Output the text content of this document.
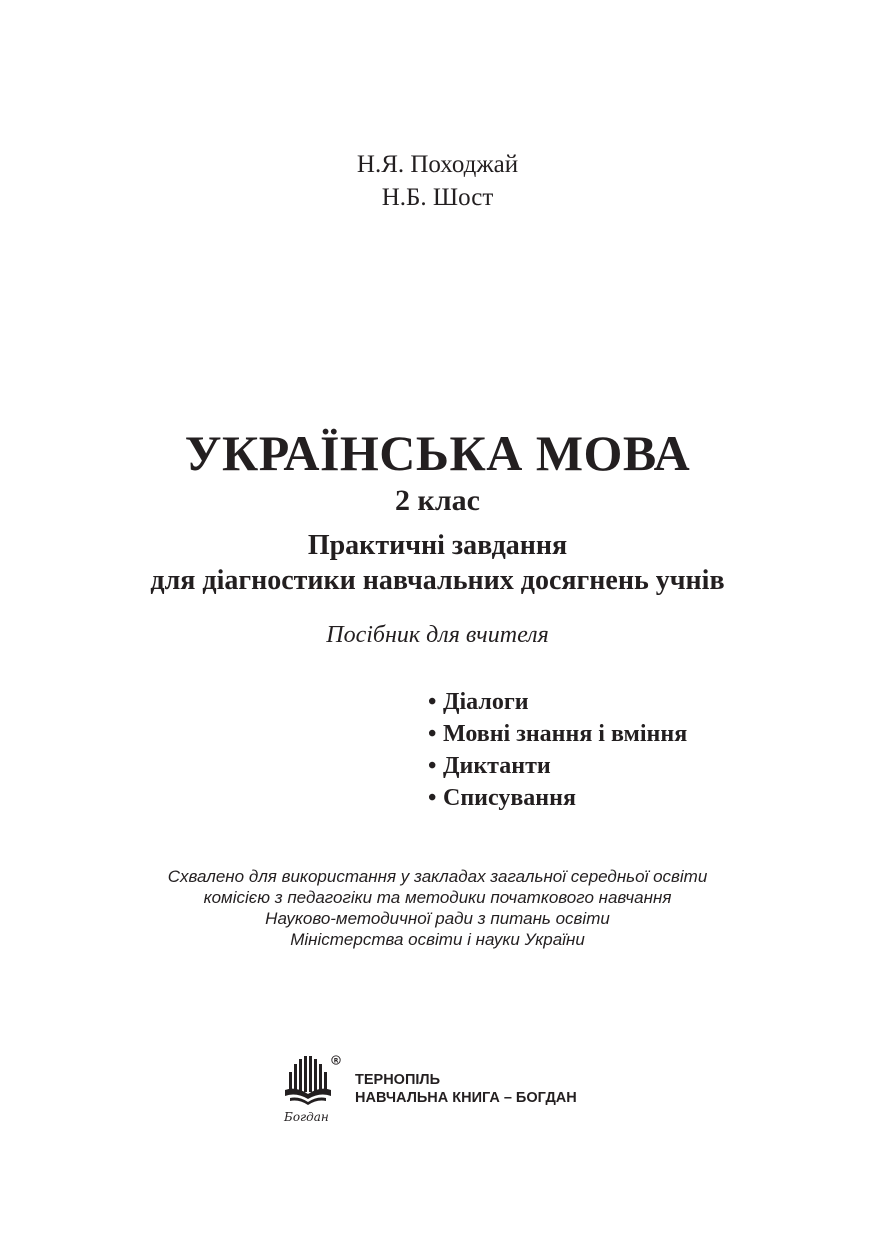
Н.Я. Походжай
Н.Б. Шост
УКРАЇНСЬКА МОВА
2 клас
Практичні завдання
для діагностики навчальних досягнень учнів
Посібник для вчителя
• Діалоги
• Мовні знання і вміння
• Диктанти
• Списування
Схвалено для використання у закладах загальної середньої освіти
комісією з педагогіки та методики початкового навчання
Науково-методичної ради з питань освіти
Міністерства освіти і науки України
Богдан
R
ТЕРНОПІЛЬ
НАВЧАЛЬНА КНИГА – БОГДАН
